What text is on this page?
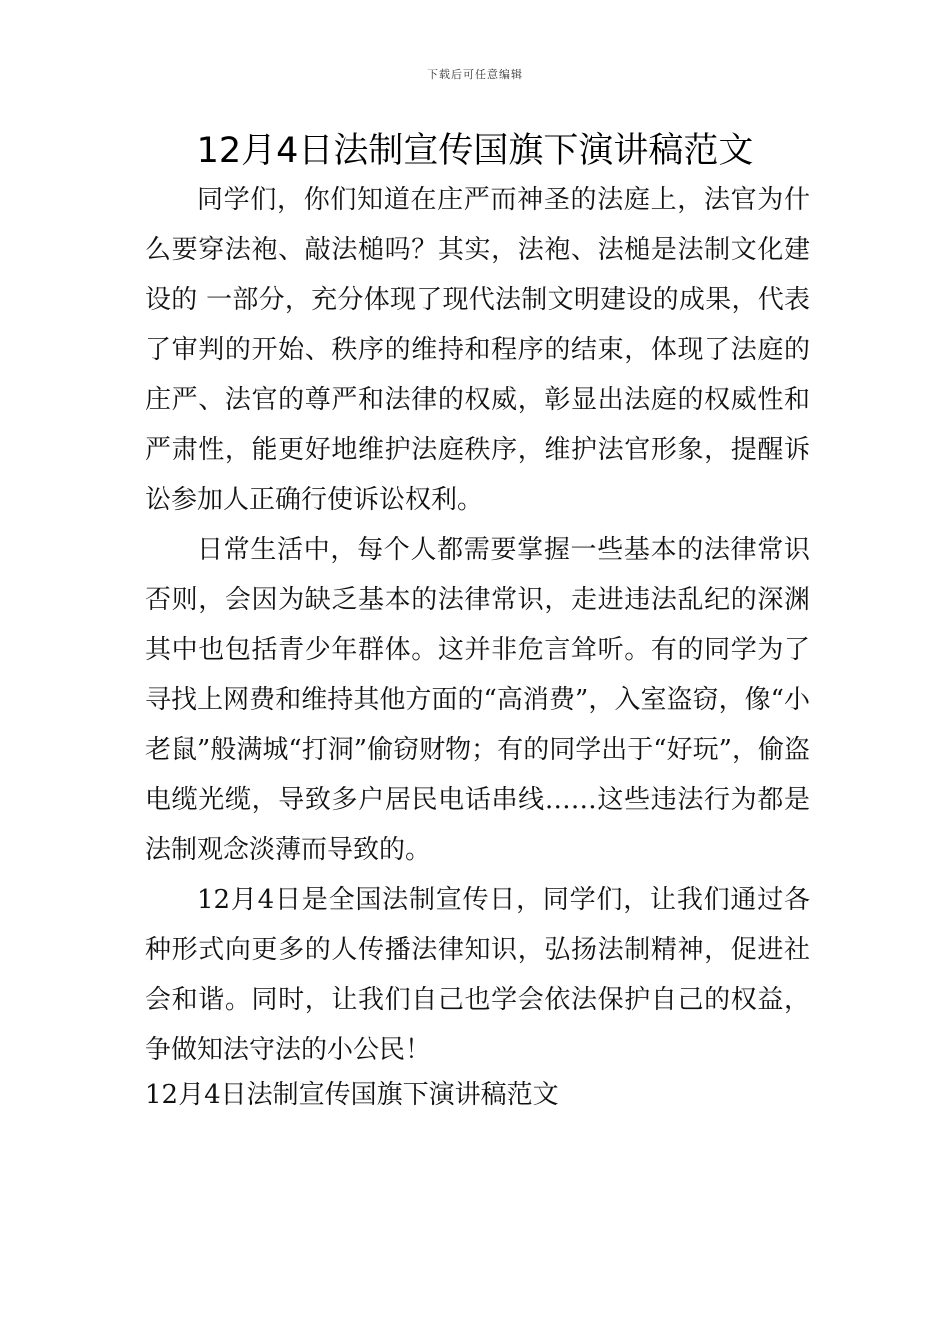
下载后可任意编辑
12月4日法制宣传国旗下演讲稿范文

同学们，你们知道在庄严而神圣的法庭上，法官为什么要穿法袍、敲法槌吗？其实，法袍、法槌是法制文化建设的 一部分，充分体现了现代法制文明建设的成果，代表了审判的开始、秩序的维持和程序的结束，体现了法庭的庄严、法官的尊严和法律的权威，彰显出法庭的权威性和严肃性，能更好地维护法庭秩序，维护法官形象，提醒诉讼参加人正确行使诉讼权利。

日常生活中，每个人都需要掌握一些基本的法律常识否则，会因为缺乏基本的法律常识，走进违法乱纪的深渊其中也包括青少年群体。这并非危言耸听。有的同学为了寻找上网费和维持其他方面的“高消费”，入室盗窃，像“小老鼠”般满城“打洞”偷窃财物；有的同学出于“好玩”，偷盗电缆光缆，导致多户居民电话串线……这些违法行为都是法制观念淡薄而导致的。

12月4日是全国法制宣传日，同学们，让我们通过各种形式向更多的人传播法律知识，弘扬法制精神，促进社会和谐。同时，让我们自己也学会依法保护自己的权益，争做知法守法的小公民！

12月4日法制宣传国旗下演讲稿范文
